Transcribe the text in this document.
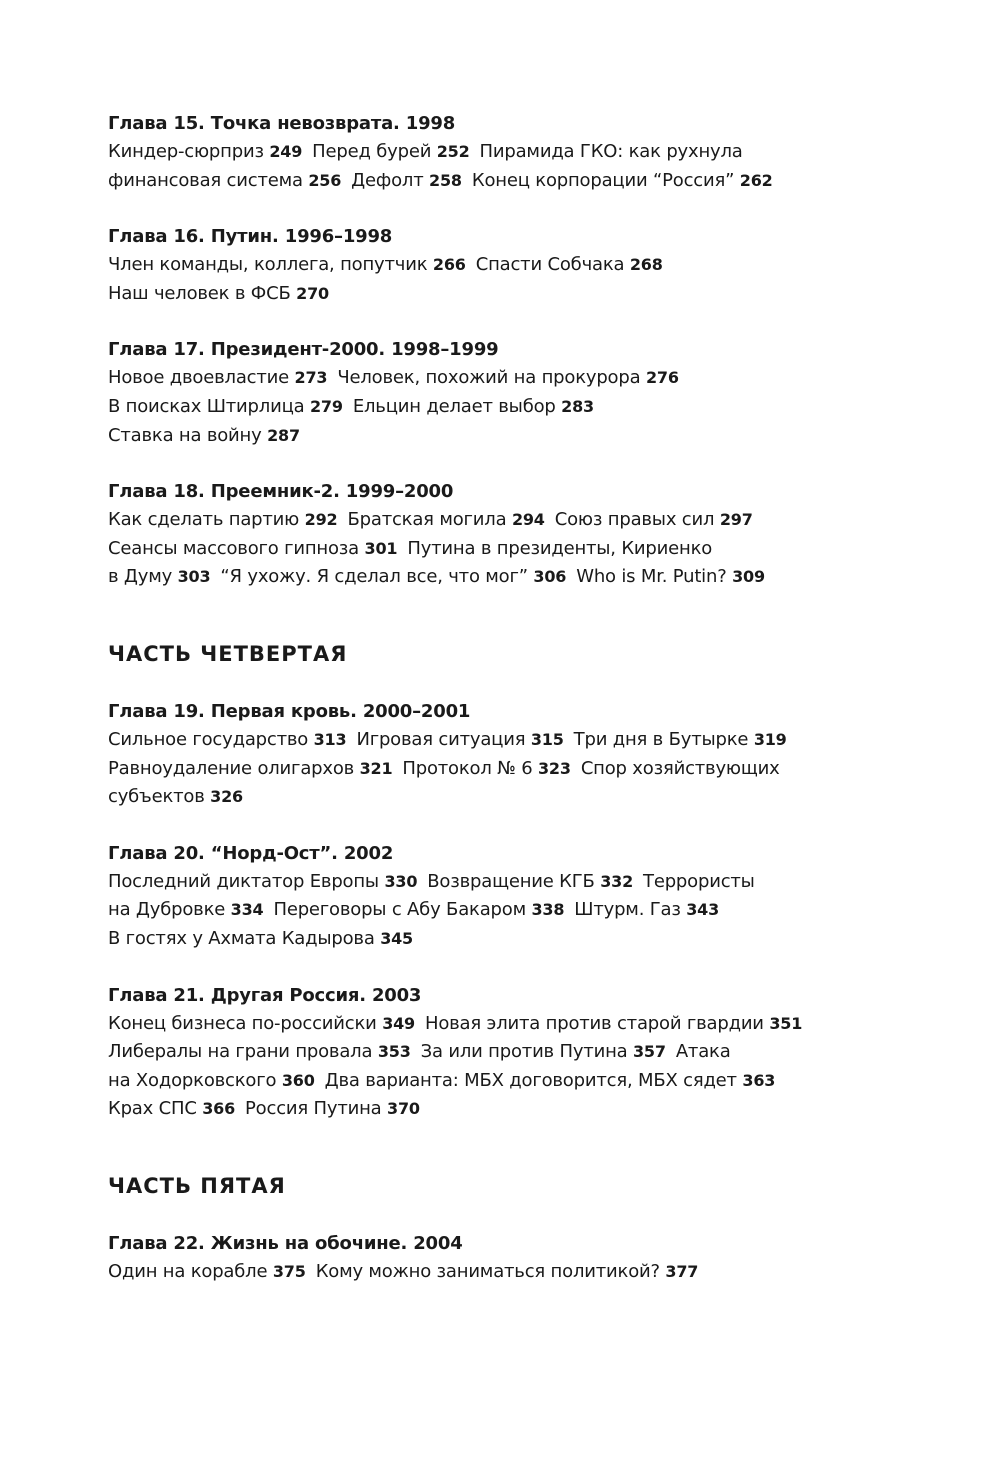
Глава 15. Точка невозврата. 1998
Киндер-сюрприз 249 Перед бурей 252 Пирамида ГКО: как рухнула
финансовая система 256 Дефолт 258 Конец корпорации “Россия” 262
Глава 16. Путин. 1996–1998
Член команды, коллега, попутчик 266 Спасти Собчака 268
Наш человек в ФСБ 270
Глава 17. Президент-2000. 1998–1999
Новое двоевластие 273 Человек, похожий на прокурора 276
В поисках Штирлица 279 Ельцин делает выбор 283
Ставка на войну 287
Глава 18. Преемник-2. 1999–2000
Как сделать партию 292 Братская могила 294 Союз правых сил 297
Сеансы массового гипноза 301 Путина в президенты, Кириенко
в Думу 303 “Я ухожу. Я сделал все, что мог” 306 Who is Mr. Putin? 309
ЧАСТЬ ЧЕТВЕРТАЯ
Глава 19. Первая кровь. 2000–2001
Сильное государство 313 Игровая ситуация 315 Три дня в Бутырке 319
Равноудаление олигархов 321 Протокол № 6 323 Спор хозяйствующих
субъектов 326
Глава 20. “Норд-Ост”. 2002
Последний диктатор Европы 330 Возвращение КГБ 332 Террористы
на Дубровке 334 Переговоры с Абу Бакаром 338 Штурм. Газ 343
В гостях у Ахмата Кадырова 345
Глава 21. Другая Россия. 2003
Конец бизнеса по-российски 349 Новая элита против старой гвардии 351
Либералы на грани провала 353 За или против Путина 357 Атака
на Ходорковского 360 Два варианта: МБХ договорится, МБХ сядет 363
Крах СПС 366 Россия Путина 370
ЧАСТЬ ПЯТАЯ
Глава 22. Жизнь на обочине. 2004
Один на корабле 375 Кому можно заниматься политикой? 377
